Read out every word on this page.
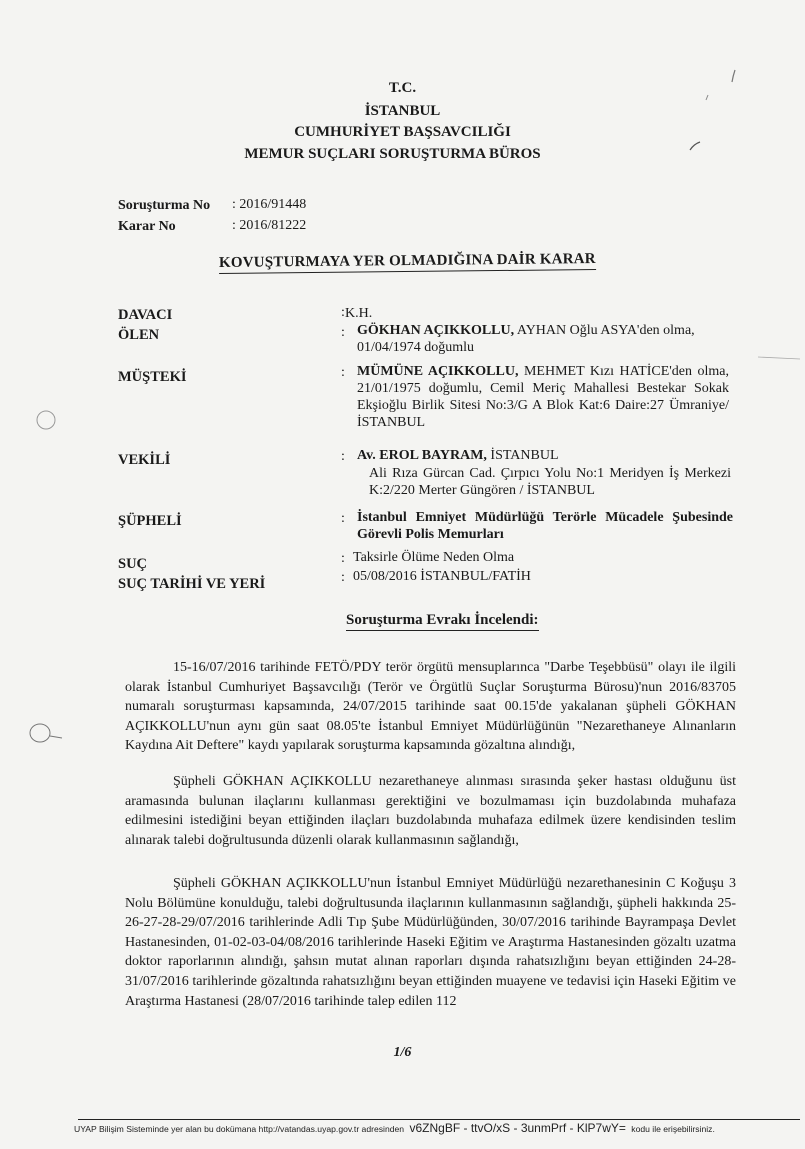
T.C.
İSTANBUL
CUMHURİYET BAŞSAVCILIĞI
MEMUR SUÇLARI SORUŞTURMA BÜROS
Soruşturma No : 2016/91448
Karar No	: 2016/81222
KOVUŞTURMAYA YER OLMADIĞINA DAİR KARAR
DAVACI	: K.H.
ÖLEN	: GÖKHAN AÇIKKOLLU, AYHAN Oğlu ASYA'den olma, 01/04/1974 doğumlu
MÜŞTEKİ	: MÜMÜNE AÇIKKOLLU, MEHMET Kızı HATİCE'den olma, 21/01/1975 doğumlu, Cemil Meriç Mahallesi Bestekar Sokak Ekşioğlu Birlik Sitesi No:3/G A Blok Kat:6 Daire:27 Ümraniye/ İSTANBUL
VEKİLİ	: Av. EROL BAYRAM, İSTANBUL
Ali Rıza Gürcan Cad. Çırpıcı Yolu No:1 Meridyen İş Merkezi K:2/220 Merter Güngören / İSTANBUL
ŞÜPHELİ	: İstanbul Emniyet Müdürlüğü Terörle Mücadele Şubesinde Görevli Polis Memurları
SUÇ	: Taksirle Ölüme Neden Olma
SUÇ TARİHİ VE YERİ	: 05/08/2016 İSTANBUL/FATİH
Soruşturma Evrakı İncelendi:
15-16/07/2016 tarihinde FETÖ/PDY terör örgütü mensuplarınca "Darbe Teşebbüsü" olayı ile ilgili olarak İstanbul Cumhuriyet Başsavcılığı (Terör ve Örgütlü Suçlar Soruşturma Bürosu)'nun 2016/83705 numaralı soruşturması kapsamında, 24/07/2015 tarihinde saat 00.15'de yakalanan şüpheli GÖKHAN AÇIKKOLLU'nun aynı gün saat 08.05'te İstanbul Emniyet Müdürlüğünün "Nezarethaneye Alınanların Kaydına Ait Deftere" kaydı yapılarak soruşturma kapsamında gözaltına alındığı,
Şüpheli GÖKHAN AÇIKKOLLU nezarethaneye alınması sırasında şeker hastası olduğunu üst aramasında bulunan ilaçlarını kullanması gerektiğini ve bozulmaması için buzdolabında muhafaza edilmesini istediğini beyan ettiğinden ilaçları buzdolabında muhafaza edilmek üzere kendisinden teslim alınarak talebi doğrultusunda düzenli olarak kullanmasının sağlandığı,
Şüpheli GÖKHAN AÇIKKOLLU'nun İstanbul Emniyet Müdürlüğü nezarethanesinin C Koğuşu 3 Nolu Bölümüne konulduğu, talebi doğrultusunda ilaçlarının kullanmasının sağlandığı, şüpheli hakkında 25-26-27-28-29/07/2016 tarihlerinde Adli Tıp Şube Müdürlüğünden, 30/07/2016 tarihinde Bayrampaşa Devlet Hastanesinden, 01-02-03-04/08/2016 tarihlerinde Haseki Eğitim ve Araştırma Hastanesinden gözaltı uzatma doktor raporlarının alındığı, şahsın mutat alınan raporları dışında rahatsızlığını beyan ettiğinden 24-28-31/07/2016 tarihlerinde gözaltında rahatsızlığını beyan ettiğinden muayene ve tedavisi için Haseki Eğitim ve Araştırma Hastanesi (28/07/2016 tarihinde talep edilen 112
1/6
UYAP Bilişim Sisteminde yer alan bu dokümana http://vatandas.uyap.gov.tr adresinden v6ZNgBF - ttvO/xS - 3unmPrf - KlP7wY= kodu ile erişebilirsiniz.
